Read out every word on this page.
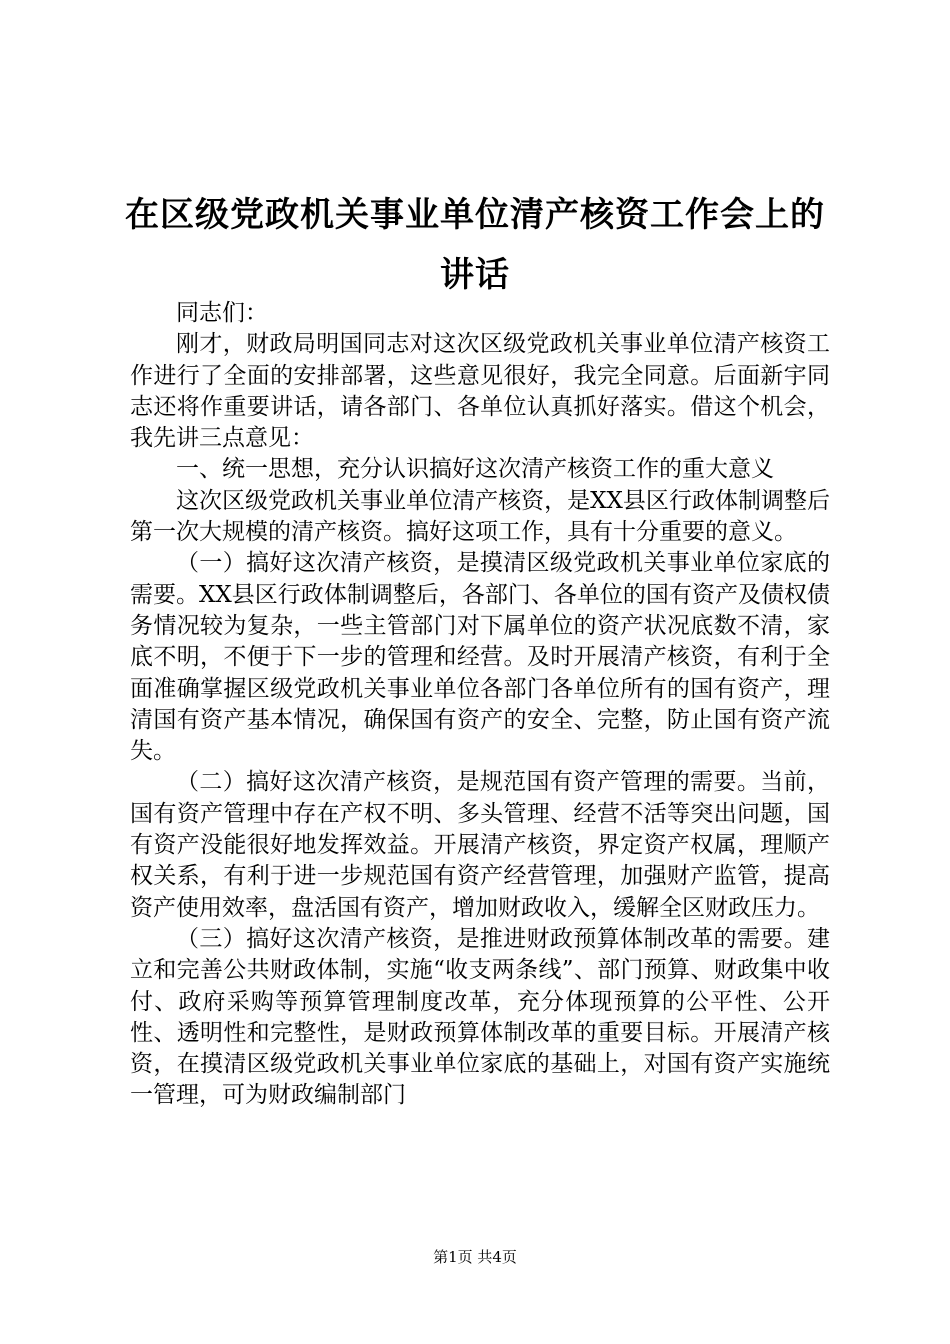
在区级党政机关事业单位清产核资工作会上的讲话

同志们：

刚才，财政局明国同志对这次区级党政机关事业单位清产核资工作进行了全面的安排部署，这些意见很好，我完全同意。后面新宇同志还将作重要讲话，请各部门、各单位认真抓好落实。借这个机会，我先讲三点意见：

一、统一思想，充分认识搞好这次清产核资工作的重大意义

这次区级党政机关事业单位清产核资，是XX县区行政体制调整后第一次大规模的清产核资。搞好这项工作，具有十分重要的意义。

（一）搞好这次清产核资，是摸清区级党政机关事业单位家底的需要。XX县区行政体制调整后，各部门、各单位的国有资产及债权债务情况较为复杂，一些主管部门对下属单位的资产状况底数不清，家底不明，不便于下一步的管理和经营。及时开展清产核资，有利于全面准确掌握区级党政机关事业单位各部门各单位所有的国有资产，理清国有资产基本情况，确保国有资产的安全、完整，防止国有资产流失。

（二）搞好这次清产核资，是规范国有资产管理的需要。当前，国有资产管理中存在产权不明、多头管理、经营不活等突出问题，国有资产没能很好地发挥效益。开展清产核资，界定资产权属，理顺产权关系，有利于进一步规范国有资产经营管理，加强财产监管，提高资产使用效率，盘活国有资产，增加财政收入，缓解全区财政压力。

（三）搞好这次清产核资，是推进财政预算体制改革的需要。建立和完善公共财政体制，实施“收支两条线”、部门预算、财政集中收付、政府采购等预算管理制度改革，充分体现预算的公平性、公开性、透明性和完整性，是财政预算体制改革的重要目标。开展清产核资，在摸清区级党政机关事业单位家底的基础上，对国有资产实施统一管理，可为财政编制部门

第1页 共4页
